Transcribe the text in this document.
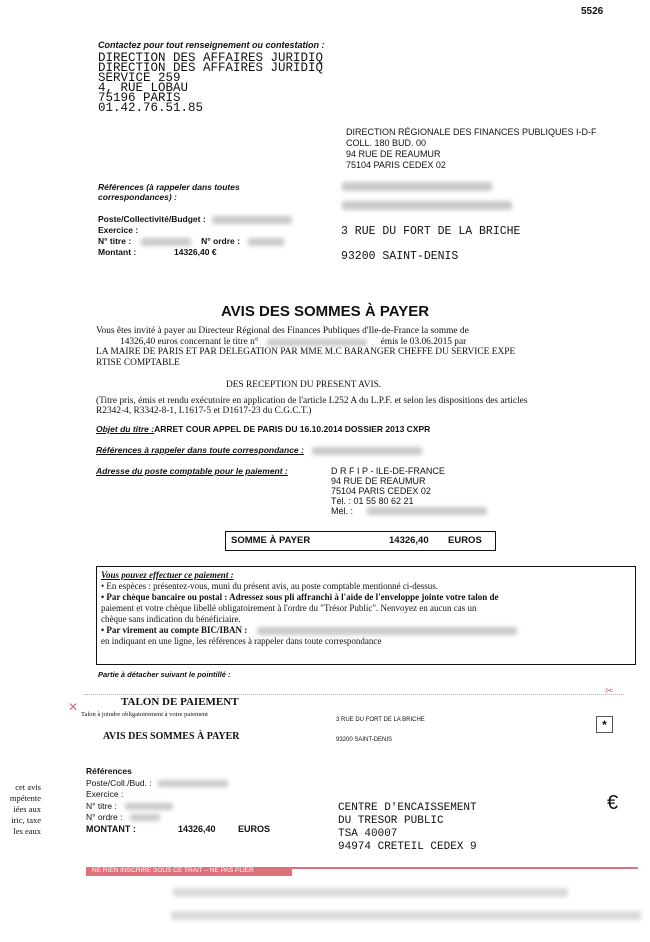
5526
Contactez pour tout renseignement ou contestation :
DIRECTION DES AFFAIRES JURIDIQ
DIRECTION DES AFFAIRES JURIDIQ
SERVICE 259
4, RUE LOBAU
75196 PARIS
01.42.76.51.85
DIRECTION RÉGIONALE DES FINANCES PUBLIQUES I-D-F
COLL. 180 BUD. 00
94 RUE DE REAUMUR
75104 PARIS CEDEX 02
Références (à rappeler dans toutes correspondances) :
Poste/Collectivité/Budget :
Exercice :
N° titre :	N° ordre :
Montant :	14326,40 €
3 RUE DU FORT DE LA BRICHE
93200 SAINT-DENIS
AVIS DES SOMMES À PAYER
Vous êtes invité à payer au Directeur Régional des Finances Publiques d'Ile-de-France la somme de
14326,40 euros concernant le titre n°	émis le 03.06.2015 par
LA MAIRE DE PARIS ET PAR DELEGATION PAR MME M.C BARANGER CHEFFE DU SERVICE EXPE
RTISE COMPTABLE
DES RECEPTION DU PRESENT AVIS.
(Titre pris, émis et rendu exécutoire en application de l'article L252 A du L.P.F. et selon les dispositions des articles
R2342-4, R3342-8-1, L1617-5 et D1617-23 du C.G.C.T.)
Objet du titre : ARRET COUR APPEL DE PARIS DU 16.10.2014 DOSSIER 2013 CXPR
Références à rappeler dans toute correspondance :
Adresse du poste comptable pour le paiement :	D R F I P - ILE-DE-FRANCE
94 RUE DE REAUMUR
75104 PARIS CEDEX 02
Tél. : 01 55 80 62 21
Mél. :
SOMME À PAYER	14326,40 EUROS
Vous pouvez effectuer ce paiement :
• En espèces : présentez-vous, muni du présent avis, au poste comptable mentionné ci-dessus.
• Par chèque bancaire ou postal : Adressez sous pli affranchi à l'aide de l'enveloppe jointe votre talon de
paiement et votre chèque libellé obligatoirement à l'ordre du "Trésor Public". Nenvoyez en aucun cas un
chèque sans indication du bénéficiaire.
• Par virement au compte BIC/IBAN :
en indiquant en une ligne, les références à rappeler dans toute correspondance
Partie à détacher suivant le pointillé :
✂
✕	TALON DE PAIEMENT
Talon à joindre obligatoirement à votre paiement
AVIS DES SOMMES À PAYER
3 RUE DU FORT DE LA BRICHE
93200 SAINT-DENIS
*
Références
Poste/Coll./Bud. :
Exercice :
N° titre :
N° ordre :
MONTANT :	14326,40	EUROS
CENTRE D'ENCAISSEMENT
DU TRESOR PUBLIC
TSA 40007
94974 CRETEIL CEDEX 9
€
NE RIEN INSCRIRE SOUS CE TRAIT – NE PAS PLIER
cet avis
mpétente
iées aux
iric, taxe
les eaux
